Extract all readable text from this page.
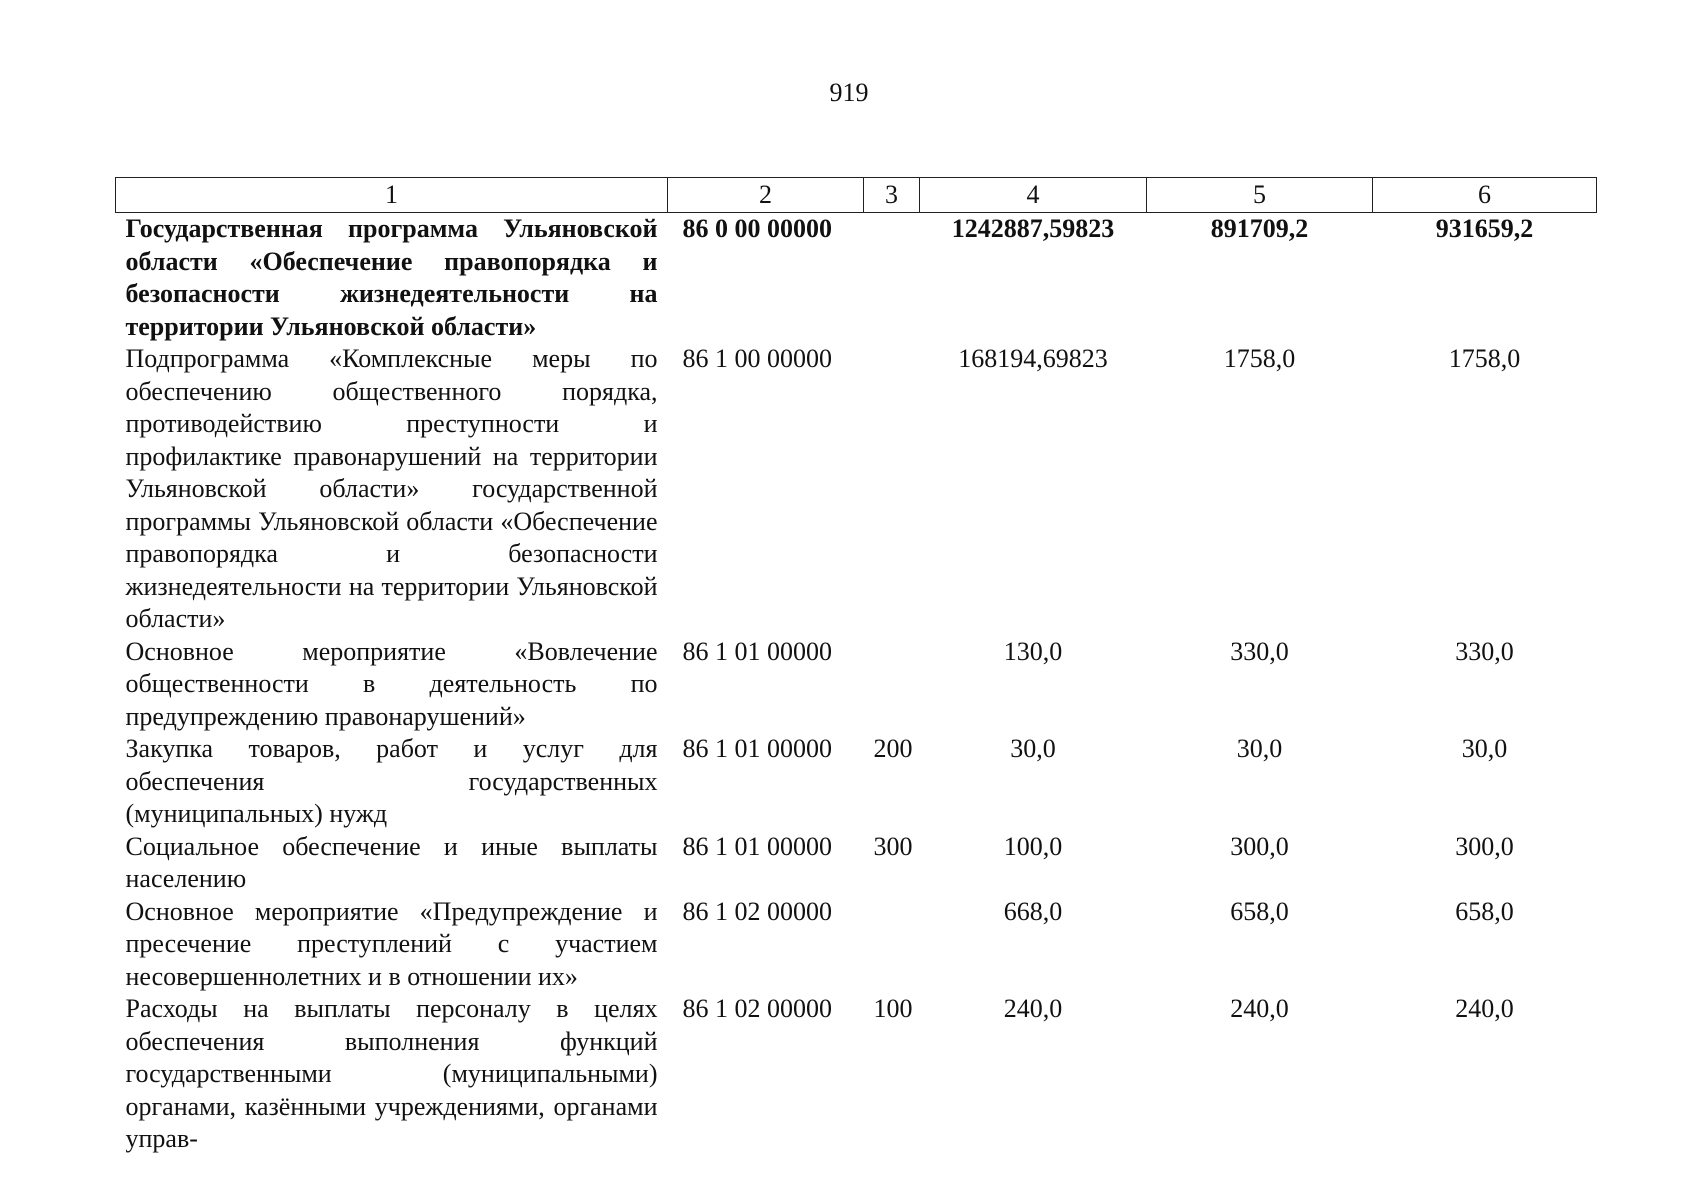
919
1	2	3	4	5	6
Государственная программа Ульяновской области «Обеспечение правопорядка и безопасности жизнедеятельности на территории Ульяновской области»	86 0 00 00000		1242887,59823	891709,2	931659,2
Подпрограмма «Комплексные меры по обеспечению общественного порядка, противодействию преступности и профилактике правонарушений на территории Ульяновской области» государственной программы Ульяновской области «Обеспечение правопорядка и безопасности жизнедеятельности на территории Ульяновской области»	86 1 00 00000		168194,69823	1758,0	1758,0
Основное мероприятие «Вовлечение общественности в деятельность по предупреждению правонарушений»	86 1 01 00000		130,0	330,0	330,0
Закупка товаров, работ и услуг для обеспечения государственных (муниципальных) нужд	86 1 01 00000	200	30,0	30,0	30,0
Социальное обеспечение и иные выплаты населению	86 1 01 00000	300	100,0	300,0	300,0
Основное мероприятие «Предупреждение и пресечение преступлений с участием несовершеннолетних и в отношении их»	86 1 02 00000		668,0	658,0	658,0
Расходы на выплаты персоналу в целях обеспечения выполнения функций государственными (муниципальными) органами, казёнными учреждениями, органами управ-	86 1 02 00000	100	240,0	240,0	240,0
